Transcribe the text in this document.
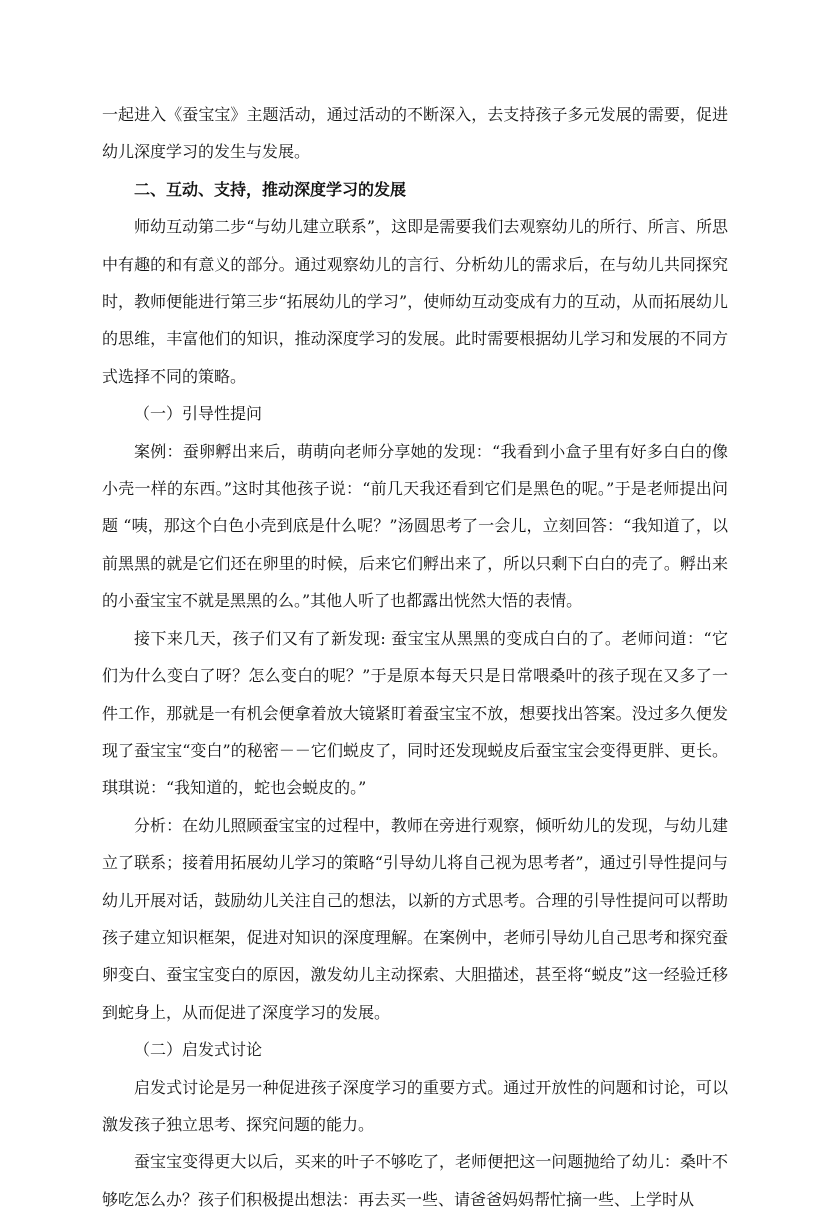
一起进入《蚕宝宝》主题活动，通过活动的不断深入，去支持孩子多元发展的需要，促进幼儿深度学习的发生与发展。

二、互动、支持，推动深度学习的发展

师幼互动第二步“与幼儿建立联系”，这即是需要我们去观察幼儿的所行、所言、所思中有趣的和有意义的部分。通过观察幼儿的言行、分析幼儿的需求后，在与幼儿共同探究时，教师便能进行第三步“拓展幼儿的学习”，使师幼互动变成有力的互动，从而拓展幼儿的思维，丰富他们的知识，推动深度学习的发展。此时需要根据幼儿学习和发展的不同方式选择不同的策略。

（一）引导性提问

案例：蚕卵孵出来后，萌萌向老师分享她的发现：“我看到小盒子里有好多白白的像小壳一样的东西。”这时其他孩子说：“前几天我还看到它们是黑色的呢。”于是老师提出问题 “咦，那这个白色小壳到底是什么呢？”汤圆思考了一会儿，立刻回答：“我知道了，以前黑黑的就是它们还在卵里的时候，后来它们孵出来了，所以只剩下白白的壳了。孵出来的小蚕宝宝不就是黑黑的么。”其他人听了也都露出恍然大悟的表情。

接下来几天，孩子们又有了新发现: 蚕宝宝从黑黑的变成白白的了。老师问道：“它们为什么变白了呀？怎么变白的呢？”于是原本每天只是日常喂桑叶的孩子现在又多了一件工作，那就是一有机会便拿着放大镜紧盯着蚕宝宝不放，想要找出答案。没过多久便发现了蚕宝宝“变白”的秘密－－它们蜕皮了，同时还发现蜕皮后蚕宝宝会变得更胖、更长。琪琪说：“我知道的，蛇也会蜕皮的。”

分析：在幼儿照顾蚕宝宝的过程中，教师在旁进行观察，倾听幼儿的发现，与幼儿建立了联系；接着用拓展幼儿学习的策略“引导幼儿将自己视为思考者”，通过引导性提问与幼儿开展对话，鼓励幼儿关注自己的想法，以新的方式思考。合理的引导性提问可以帮助孩子建立知识框架，促进对知识的深度理解。在案例中，老师引导幼儿自己思考和探究蚕卵变白、蚕宝宝变白的原因，激发幼儿主动探索、大胆描述，甚至将“蜕皮”这一经验迁移到蛇身上，从而促进了深度学习的发展。

（二）启发式讨论

启发式讨论是另一种促进孩子深度学习的重要方式。通过开放性的问题和讨论，可以激发孩子独立思考、探究问题的能力。

蚕宝宝变得更大以后，买来的叶子不够吃了，老师便把这一问题抛给了幼儿：桑叶不够吃怎么办？孩子们积极提出想法：再去买一些、请爸爸妈妈帮忙摘一些、上学时从
